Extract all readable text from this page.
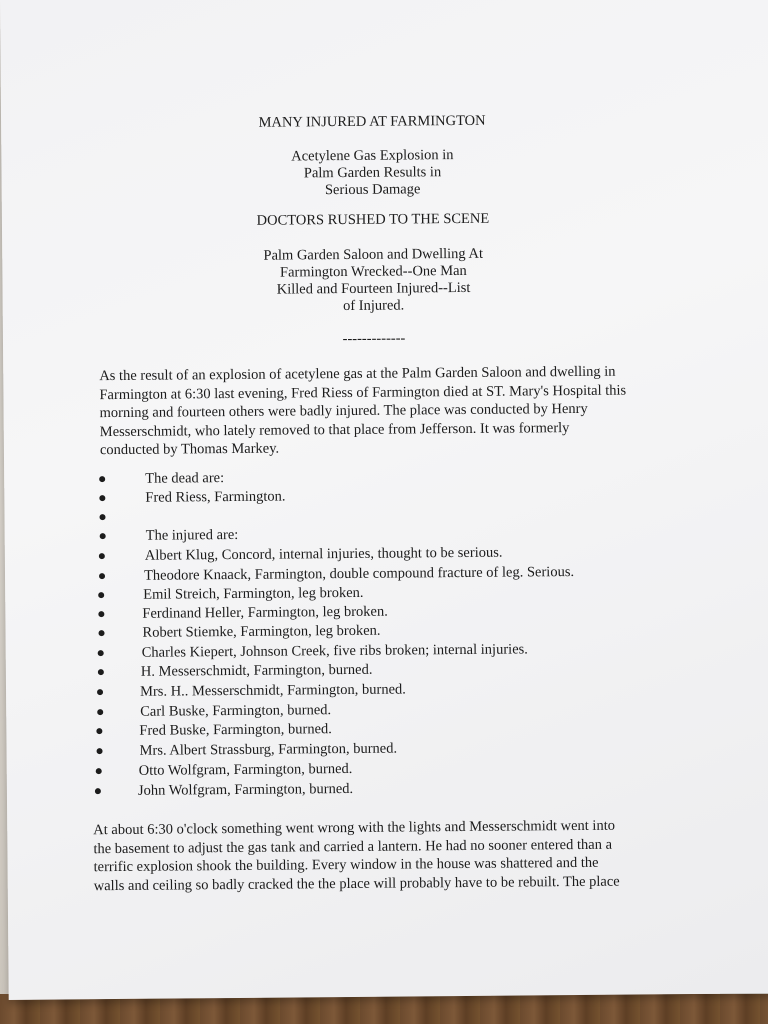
MANY INJURED AT FARMINGTON
Acetylene Gas Explosion in
Palm Garden Results in
Serious Damage
DOCTORS RUSHED TO THE SCENE
Palm Garden Saloon and Dwelling At
Farmington Wrecked--One Man
Killed and Fourteen Injured--List
of Injured.
-------------
As the result of an explosion of acetylene gas at the Palm Garden Saloon and dwelling in
Farmington at 6:30 last evening, Fred Riess of Farmington died at ST. Mary's Hospital this
morning and fourteen others were badly injured. The place was conducted by Henry
Messerschmidt, who lately removed to that place from Jefferson. It was formerly
conducted by Thomas Markey.
The dead are:
Fred Riess, Farmington.
The injured are:
Albert Klug, Concord, internal injuries, thought to be serious.
Theodore Knaack, Farmington, double compound fracture of leg. Serious.
Emil Streich, Farmington, leg broken.
Ferdinand Heller, Farmington, leg broken.
Robert Stiemke, Farmington, leg broken.
Charles Kiepert, Johnson Creek, five ribs broken; internal injuries.
H. Messerschmidt, Farmington, burned.
Mrs. H.. Messerschmidt, Farmington, burned.
Carl Buske, Farmington, burned.
Fred Buske, Farmington, burned.
Mrs. Albert Strassburg, Farmington, burned.
Otto Wolfgram, Farmington, burned.
John Wolfgram, Farmington, burned.
At about 6:30 o'clock something went wrong with the lights and Messerschmidt went into
the basement to adjust the gas tank and carried a lantern. He had no sooner entered than a
terrific explosion shook the building. Every window in the house was shattered and the
walls and ceiling so badly cracked the the place will probably have to be rebuilt. The place
